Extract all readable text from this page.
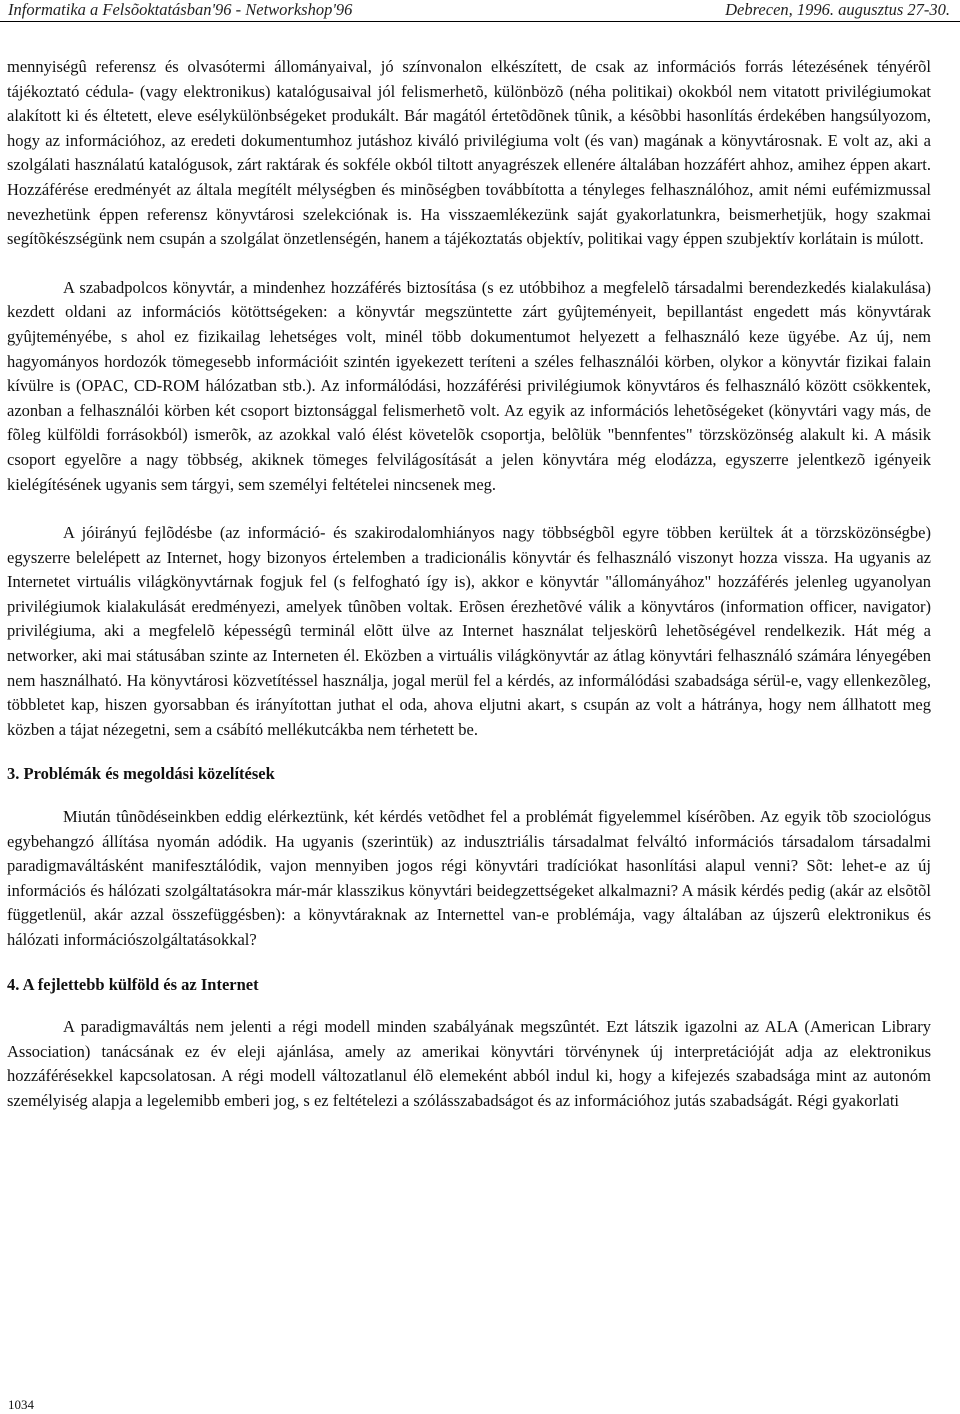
Informatika a Felsõoktatásban'96 - Networkshop'96	Debrecen, 1996. augusztus 27-30.

mennyiségû referensz és olvasótermi állományaival, jó színvonalon elkészített, de csak az információs forrás létezésének tényérõl tájékoztató cédula- (vagy elektronikus) katalógusaival jól felismerhetõ, különbözõ (néha politikai) okokból nem vitatott privilégiumokat alakított ki és éltetett, eleve esélykülönbségeket produkált. Bár magától értetõdõnek tûnik, a késõbbi hasonlítás érdekében hangsúlyozom, hogy az információhoz, az eredeti dokumentumhoz jutáshoz kiváló privilégiuma volt (és van) magának a könyvtárosnak. E volt az, aki a szolgálati használatú katalógusok, zárt raktárak és sokféle okból tiltott anyagrészek ellenére általában hozzáfért ahhoz, amihez éppen akart. Hozzáférése eredményét az általa megítélt mélységben és minõségben továbbította a tényleges felhasználóhoz, amit némi eufémizmussal nevezhetünk éppen referensz könyvtárosi szelekciónak is. Ha visszaemlékezünk saját gyakorlatunkra, beismerhetjük, hogy szakmai segítõkészségünk nem csupán a szolgálat önzetlenségén, hanem a tájékoztatás objektív, politikai vagy éppen szubjektív korlátain is múlott.

A szabadpolcos könyvtár, a mindenhez hozzáférés biztosítása (s ez utóbbihoz a megfelelõ társadalmi berendezkedés kialakulása) kezdett oldani az információs kötöttségeken: a könyvtár megszüntette zárt gyûjteményeit, bepillantást engedett más könyvtárak gyûjteményébe, s ahol ez fizikailag lehetséges volt, minél több dokumentumot helyezett a felhasználó keze ügyébe. Az új, nem hagyományos hordozók tömegesebb információit szintén igyekezett teríteni a széles felhasználói körben, olykor a könyvtár fizikai falain kívülre is (OPAC, CD-ROM hálózatban stb.). Az informálódási, hozzáférési privilégiumok könyvtáros és felhasználó között csökkentek, azonban a felhasználói körben két csoport biztonsággal felismerhetõ volt. Az egyik az információs lehetõségeket (könyvtári vagy más, de fõleg külföldi forrásokból) ismerõk, az azokkal való élést követelõk csoportja, belõlük "bennfentes" törzsközönség alakult ki. A másik csoport egyelõre a nagy többség, akiknek tömeges felvilágosítását a jelen könyvtára még elodázza, egyszerre jelentkezõ igényeik kielégítésének ugyanis sem tárgyi, sem személyi feltételei nincsenek meg.

A jóirányú fejlõdésbe (az információ- és szakirodalomhiányos nagy többségbõl egyre többen kerültek át a törzsközönségbe) egyszerre belelépett az Internet, hogy bizonyos értelemben a tradicionális könyvtár és felhasználó viszonyt hozza vissza. Ha ugyanis az Internetet virtuális világkönyvtárnak fogjuk fel (s felfogható így is), akkor e könyvtár "állományához" hozzáférés jelenleg ugyanolyan privilégiumok kialakulását eredményezi, amelyek tûnõben voltak. Erõsen érezhetõvé válik a könyvtáros (information officer, navigator) privilégiuma, aki a megfelelõ képességû terminál elõtt ülve az Internet használat teljeskörû lehetõségével rendelkezik. Hát még a networker, aki mai státusában szinte az Interneten él. Eközben a virtuális világkönyvtár az átlag könyvtári felhasználó számára lényegében nem használható. Ha könyvtárosi közvetítéssel használja, jogal merül fel a kérdés, az informálódási szabadsága sérül-e, vagy ellenkezõleg, többletet kap, hiszen gyorsabban és irányítottan juthat el oda, ahova eljutni akart, s csupán az volt a hátránya, hogy nem állhatott meg közben a tájat nézegetni, sem a csábító mellékutcákba nem térhetett be.

3. Problémák és megoldási közelítések

Miután tûnõdéseinkben eddig elérkeztünk, két kérdés vetõdhet fel a problémát figyelemmel kísérõben. Az egyik tõb szociológus egybehangzó állítása nyomán adódik. Ha ugyanis (szerintük) az indusztriális társadalmat felváltó információs társadalom társadalmi paradigmaváltásként manifesztálódik, vajon mennyiben jogos régi könyvtári tradíciókat hasonlítási alapul venni? Sõt: lehet-e az új információs és hálózati szolgáltatásokra már-már klasszikus könyvtári beidegzettségeket alkalmazni? A másik kérdés pedig (akár az elsõtõl függetlenül, akár azzal összefüggésben): a könyvtáraknak az Internettel van-e problémája, vagy általában az újszerû elektronikus és hálózati információszolgáltatásokkal?

4. A fejlettebb külföld és az Internet

A paradigmaváltás nem jelenti a régi modell minden szabályának megszûntét. Ezt látszik igazolni az ALA (American Library Association) tanácsának ez év eleji ajánlása, amely az amerikai könyvtári törvénynek új interpretációját adja az elektronikus hozzáférésekkel kapcsolatosan. A régi modell változatlanul élõ elemeként abból indul ki, hogy a kifejezés szabadsága mint az autonóm személyiség alapja a legelemibb emberi jog, s ez feltételezi a szólásszabadságot és az információhoz jutás szabadságát. Régi gyakorlati

1034
